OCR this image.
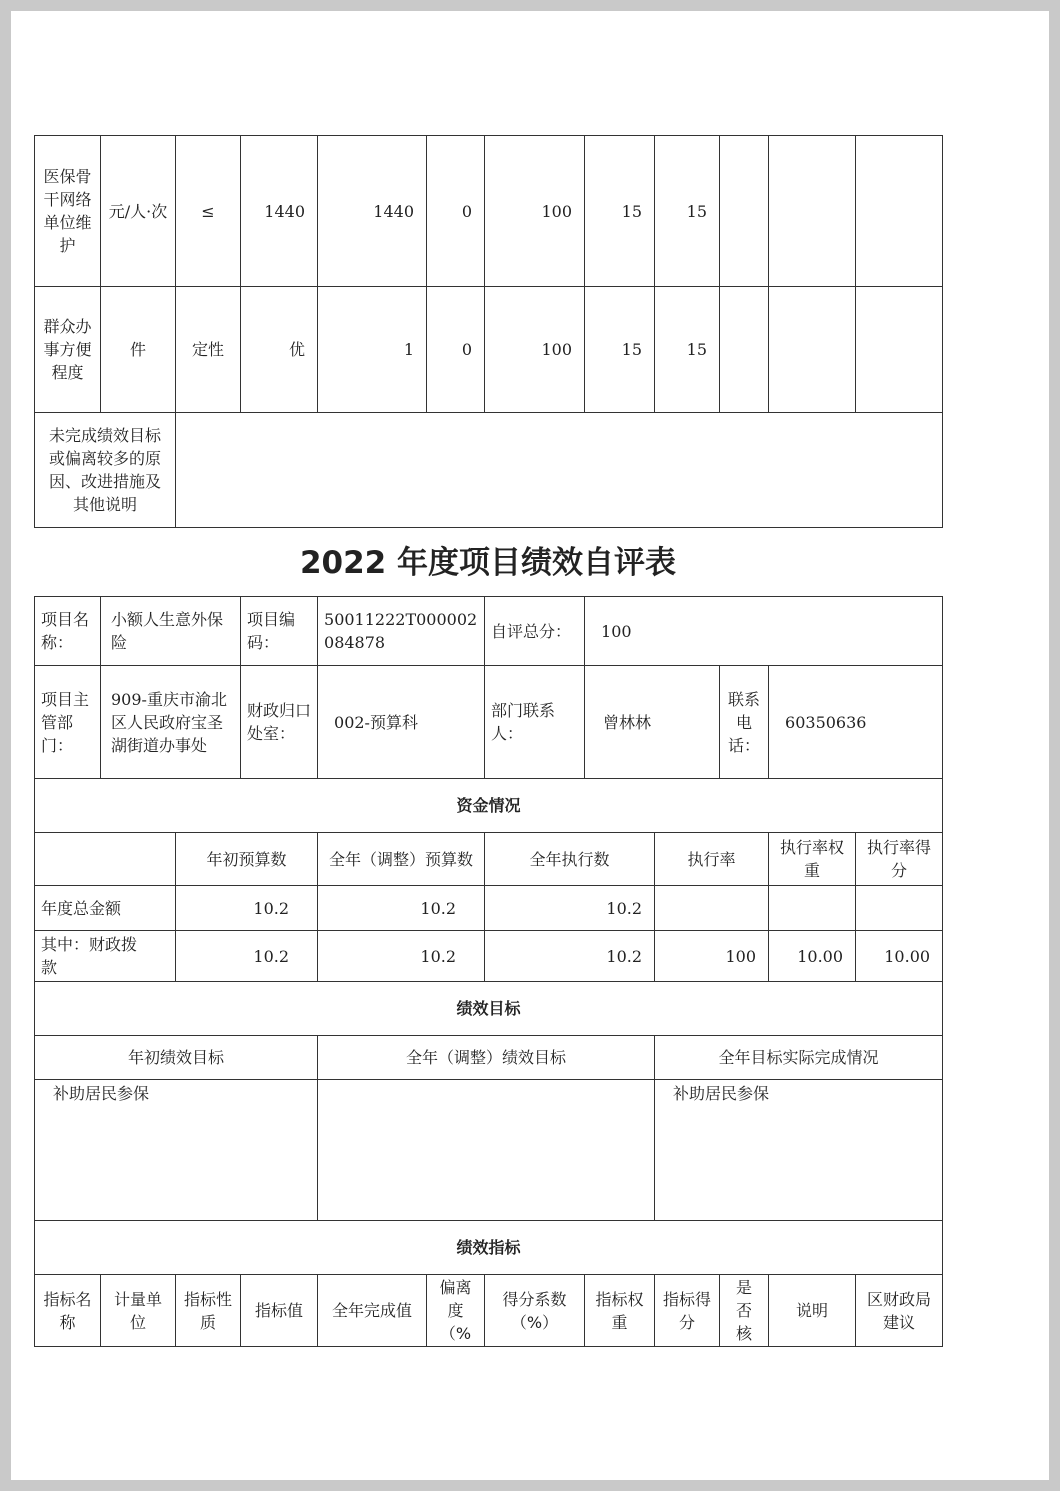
医保骨干网络单位维护	元/人·次	≤	1440	1440	0	100	15	15			
群众办事方便程度	件	定性	优	1	0	100	15	15			
未完成绩效目标或偏离较多的原因、改进措施及其他说明											
2022 年度项目绩效自评表
项目名称：	小额人生意外保险		项目编码：	50011222T000002084878		自评总分：	100				
项目主管部门：	909-重庆市渝北区人民政府宝圣湖街道办事处		财政归口处室：	002-预算科		部门联系人：	曾林林		联系电话：	60350636	
资金情况											
		年初预算数		全年（调整）预算数		全年执行数		执行率		执行率权重	执行率得分
年度总金额		10.2		10.2		10.2					
其中：财政拨款		10.2		10.2		10.2		100		10.00	10.00
绩效目标											
年初绩效目标				全年（调整）绩效目标				全年目标实际完成情况			
补助居民参保								补助居民参保			
绩效指标											
指标名称	计量单位	指标性质	指标值	全年完成值	偏离度（%	得分系数（%）	指标权重	指标得分	是否核	说明	区财政局建议
